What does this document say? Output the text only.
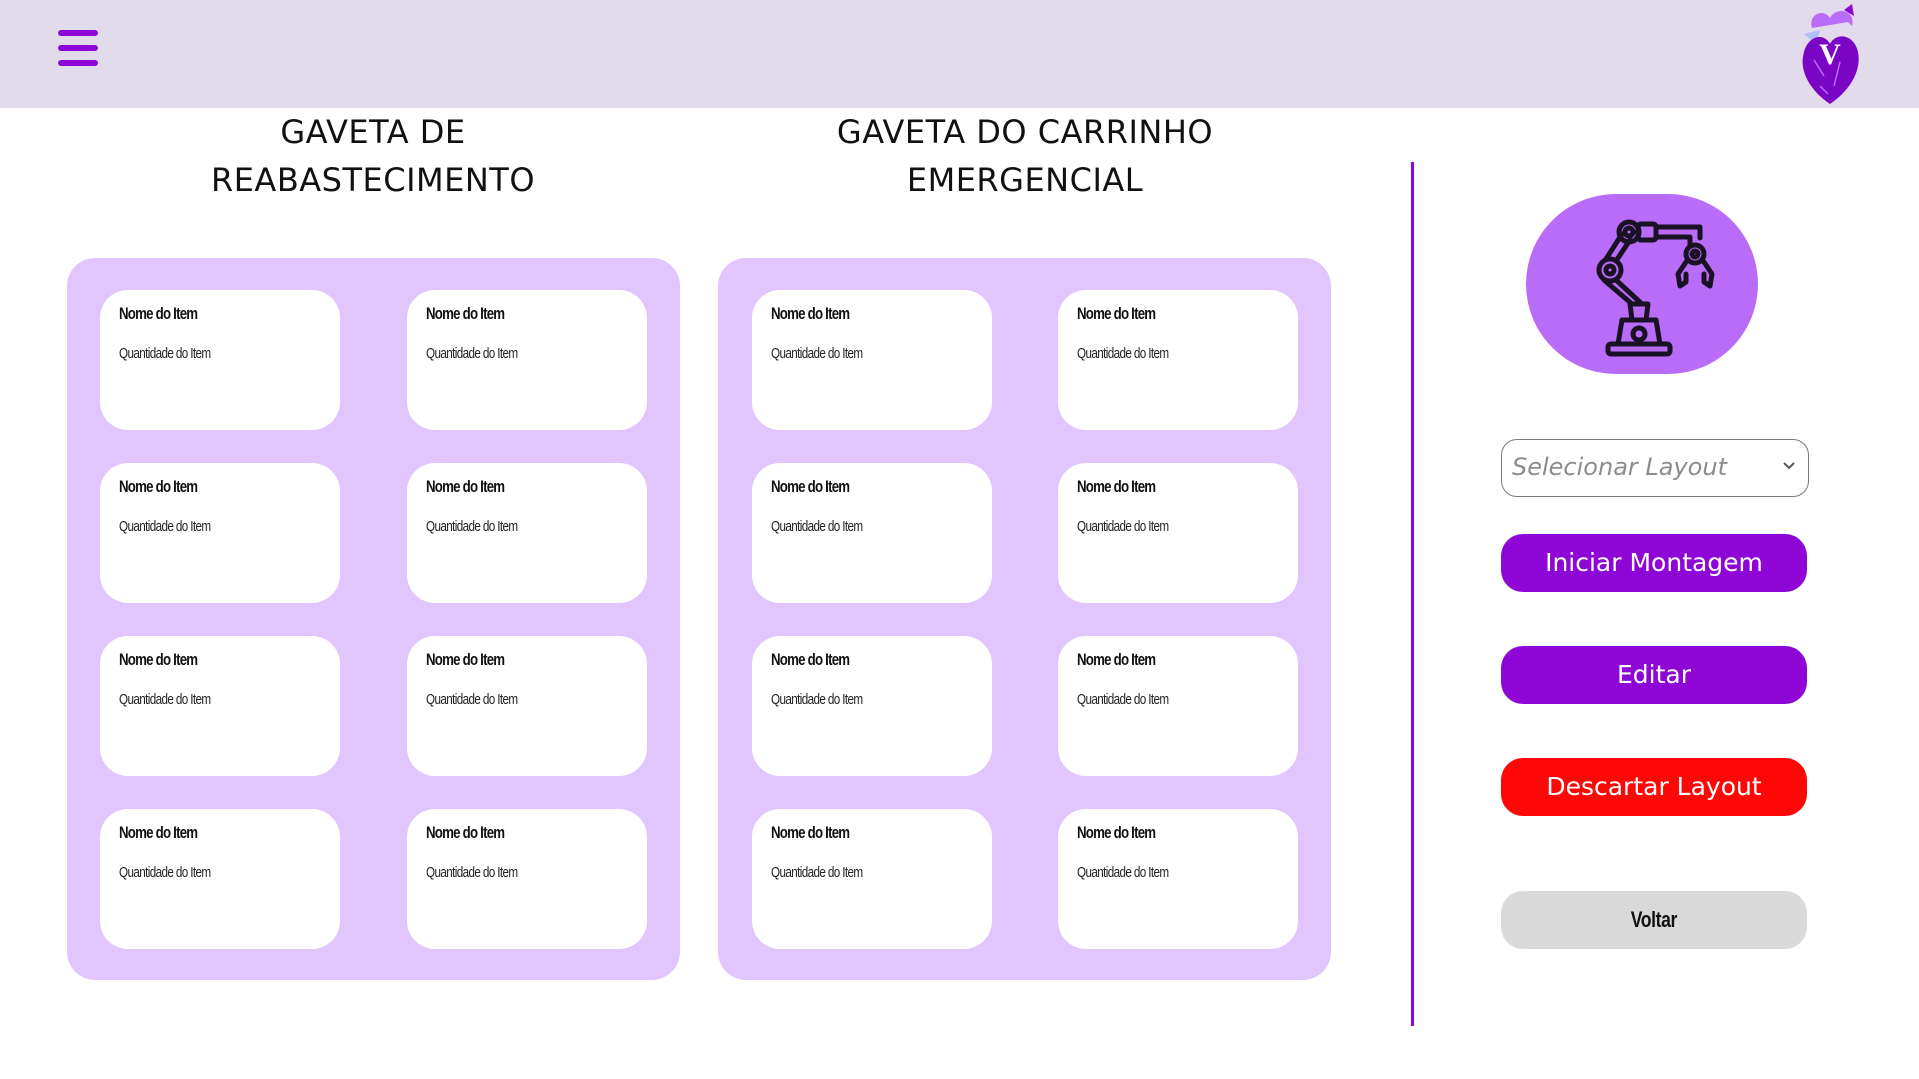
V
GAVETA DE
REABASTECIMENTO
GAVETA DO CARRINHO
EMERGENCIAL
Nome do Item
Quantidade do Item
Nome do Item
Quantidade do Item
Nome do Item
Quantidade do Item
Nome do Item
Quantidade do Item
Nome do Item
Quantidade do Item
Nome do Item
Quantidade do Item
Nome do Item
Quantidade do Item
Nome do Item
Quantidade do Item
Nome do Item
Quantidade do Item
Nome do Item
Quantidade do Item
Nome do Item
Quantidade do Item
Nome do Item
Quantidade do Item
Nome do Item
Quantidade do Item
Nome do Item
Quantidade do Item
Nome do Item
Quantidade do Item
Nome do Item
Quantidade do Item
Selecionar Layout
Iniciar Montagem
Editar
Descartar Layout
Voltar
